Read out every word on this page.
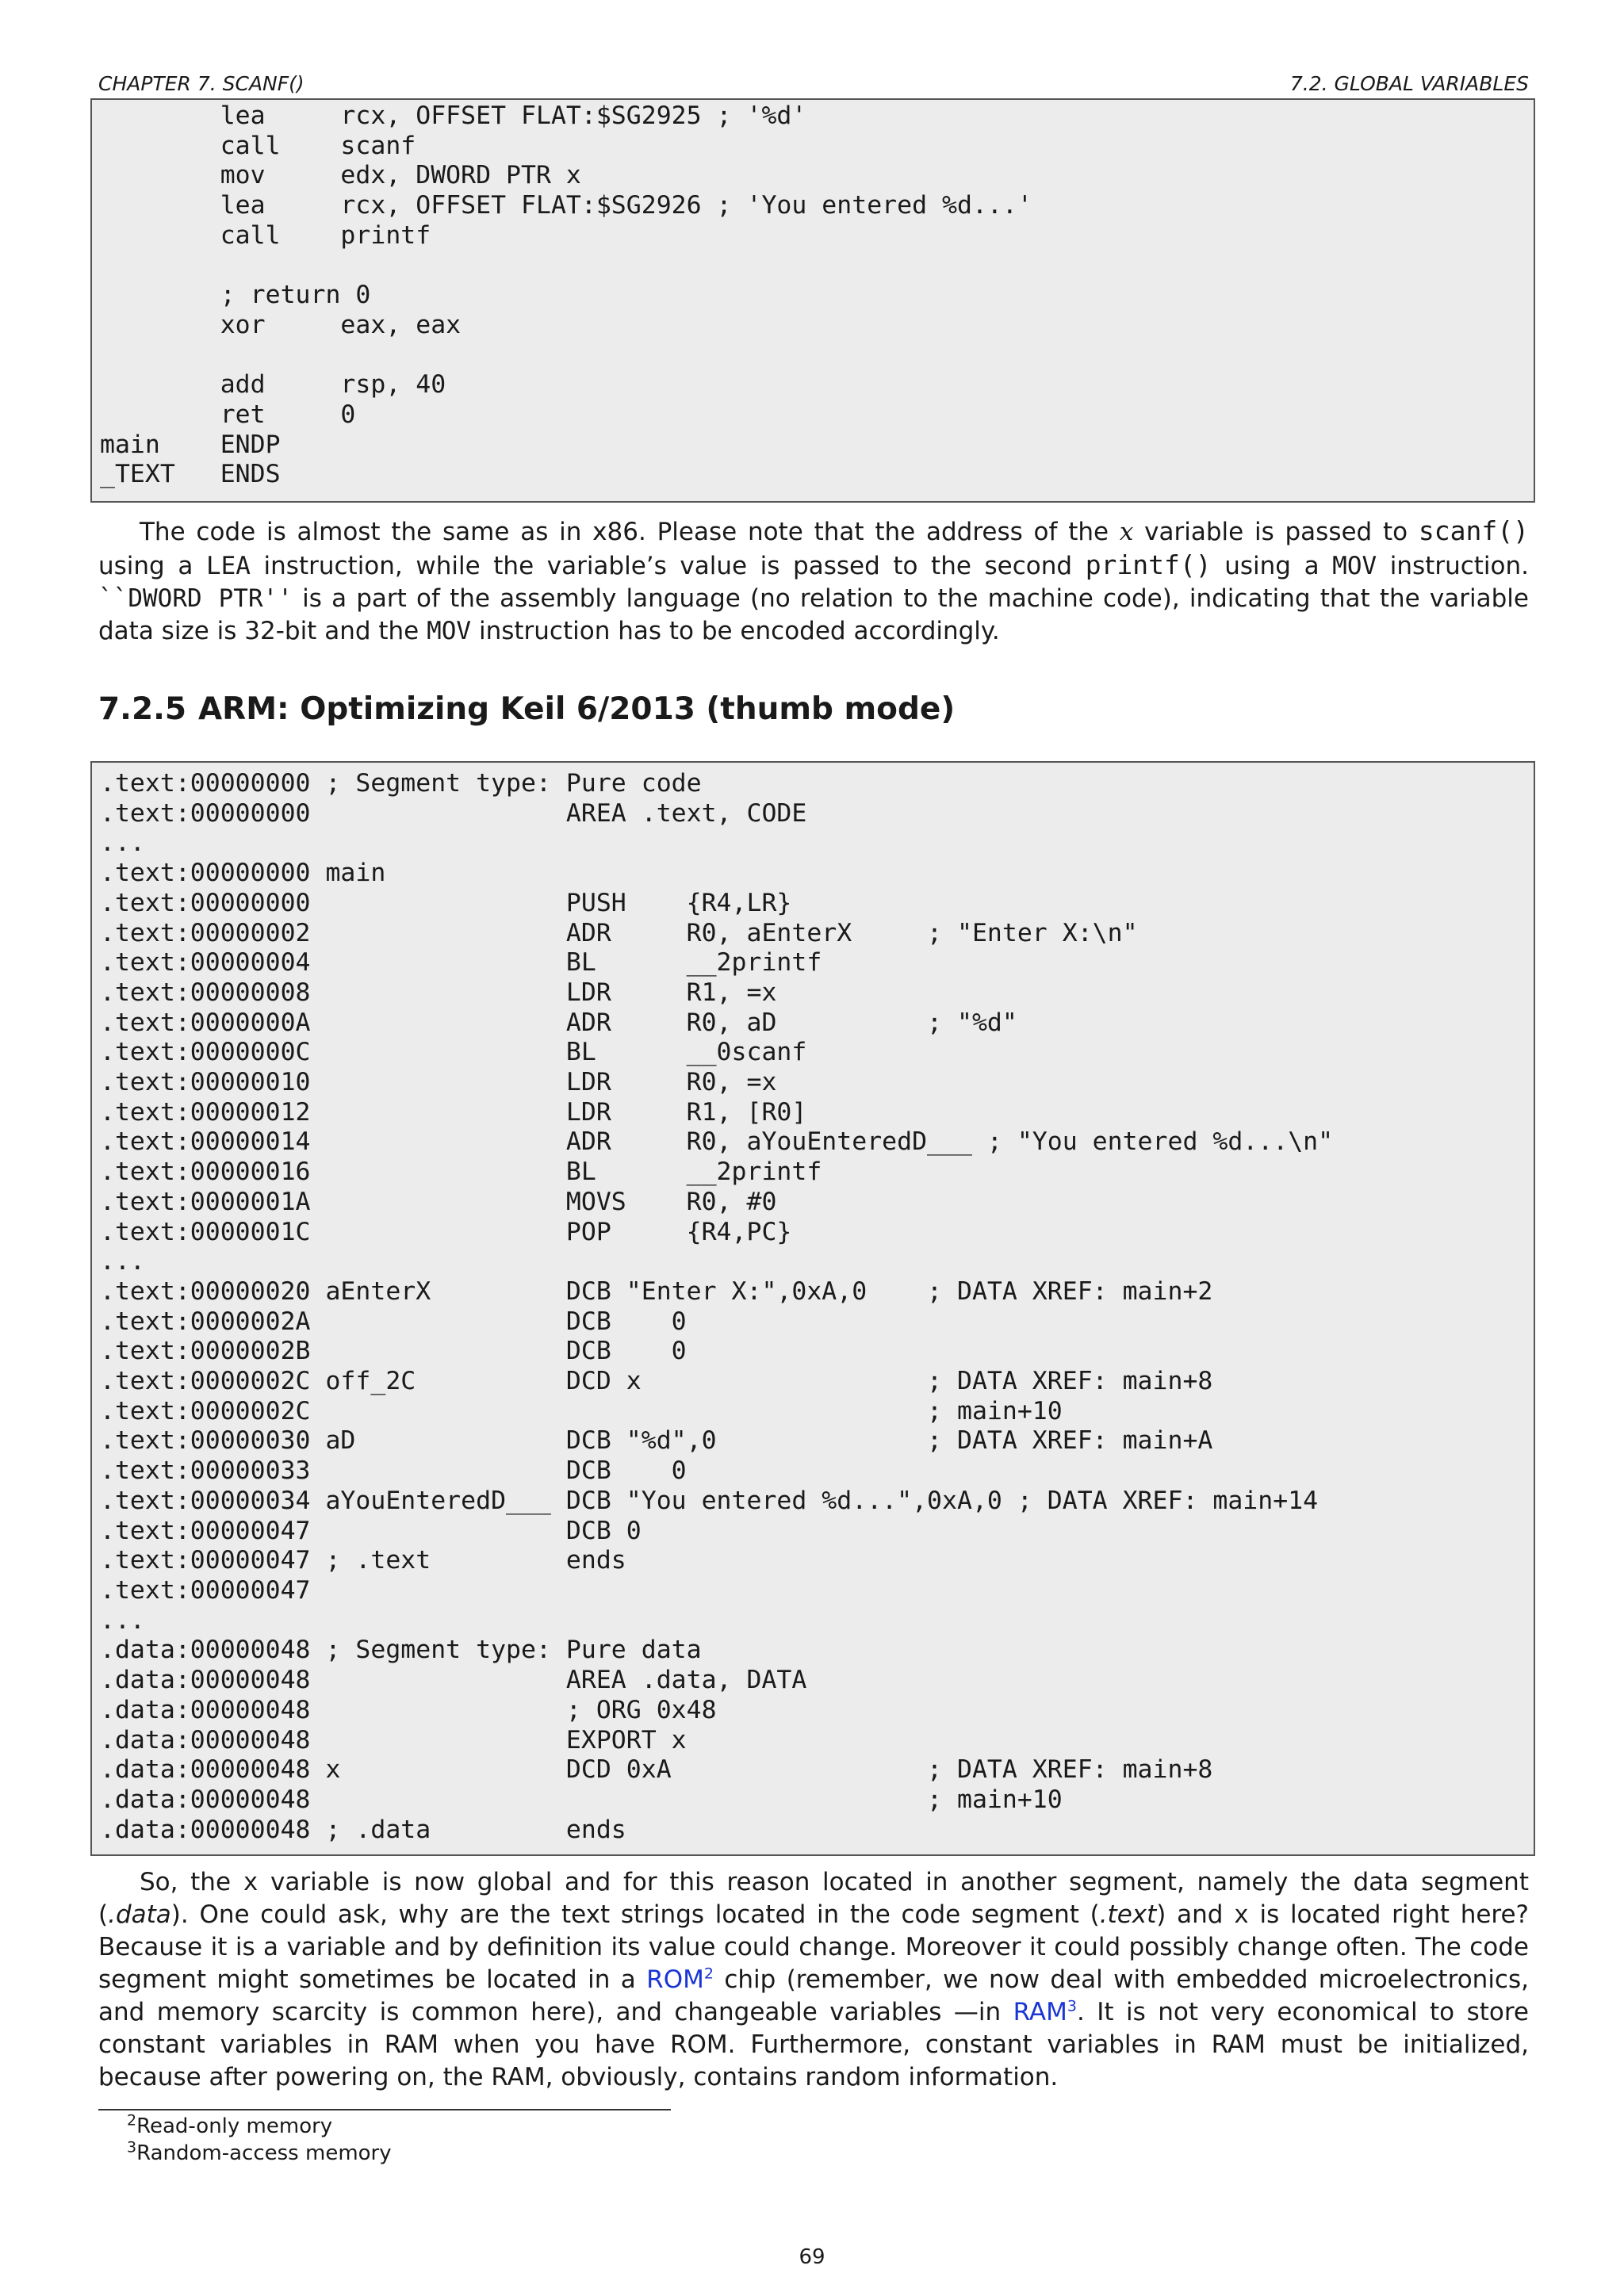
CHAPTER 7. SCANF()	7.2. GLOBAL VARIABLES
lea     rcx, OFFSET FLAT:$SG2925 ; '%d'
call    scanf
mov     edx, DWORD PTR x
lea     rcx, OFFSET FLAT:$SG2926 ; 'You entered %d...'
call    printf

; return 0
xor     eax, eax

add     rsp, 40
ret     0
main    ENDP
_TEXT   ENDS

The code is almost the same as in x86. Please note that the address of the x variable is passed to scanf() using a LEA instruction, while the variable’s value is passed to the second printf() using a MOV instruction. ``DWORD PTR'' is a part of the assembly language (no relation to the machine code), indicating that the variable data size is 32-bit and the MOV instruction has to be encoded accordingly.

7.2.5 ARM: Optimizing Keil 6/2013 (thumb mode)
.text:00000000 ; Segment type: Pure code
.text:00000000                 AREA .text, CODE
...
.text:00000000 main
.text:00000000                 PUSH    {R4,LR}
.text:00000002                 ADR     R0, aEnterX     ; "Enter X:\n"
.text:00000004                 BL      __2printf
.text:00000008                 LDR     R1, =x
.text:0000000A                 ADR     R0, aD          ; "%d"
.text:0000000C                 BL      __0scanf
.text:00000010                 LDR     R0, =x
.text:00000012                 LDR     R1, [R0]
.text:00000014                 ADR     R0, aYouEnteredD___ ; "You entered %d...\n"
.text:00000016                 BL      __2printf
.text:0000001A                 MOVS    R0, #0
.text:0000001C                 POP     {R4,PC}
...
.text:00000020 aEnterX         DCB "Enter X:",0xA,0    ; DATA XREF: main+2
.text:0000002A                 DCB    0
.text:0000002B                 DCB    0
.text:0000002C off_2C          DCD x                   ; DATA XREF: main+8
.text:0000002C                                         ; main+10
.text:00000030 aD              DCB "%d",0              ; DATA XREF: main+A
.text:00000033                 DCB    0
.text:00000034 aYouEnteredD___ DCB "You entered %d...",0xA,0 ; DATA XREF: main+14
.text:00000047                 DCB 0
.text:00000047 ; .text         ends
.text:00000047
...
.data:00000048 ; Segment type: Pure data
.data:00000048                 AREA .data, DATA
.data:00000048                 ; ORG 0x48
.data:00000048                 EXPORT x
.data:00000048 x               DCD 0xA                 ; DATA XREF: main+8
.data:00000048                                         ; main+10
.data:00000048 ; .data         ends

So, the x variable is now global and for this reason located in another segment, namely the data segment (.data). One could ask, why are the text strings located in the code segment (.text) and x is located right here? Because it is a variable and by definition its value could change. Moreover it could possibly change often. The code segment might sometimes be located in a ROM$^2$ chip (remember, we now deal with embedded microelectronics, and memory scarcity is common here), and changeable variables —in RAM$^3$. It is not very economical to store constant variables in RAM when you have ROM. Furthermore, constant variables in RAM must be initialized, because after powering on, the RAM, obviously, contains random information.

$^2$Read-only memory
$^3$Random-access memory
69
